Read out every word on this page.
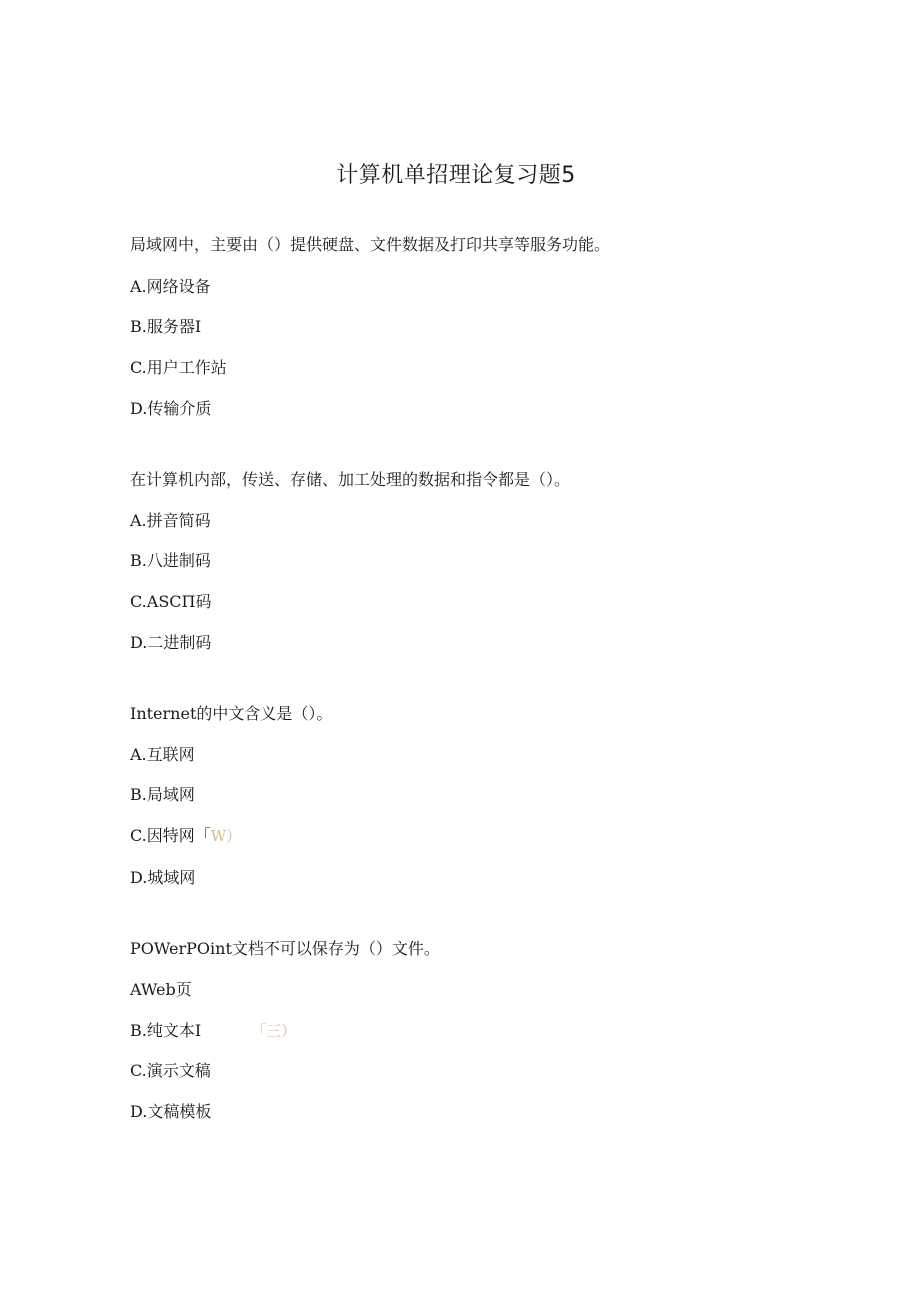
计算机单招理论复习题5
局域网中，主要由（）提供硬盘、文件数据及打印共享等服务功能。
A.网络设备
B.服务器I
C.用户工作站
D.传输介质
在计算机内部，传送、存储、加工处理的数据和指令都是（）。
A.拼音简码
B.八进制码
C.ASCΠ码
D.二进制码
Internet的中文含义是（）。
A.互联网
B.局域网
C.因特网「W）
D.城域网
POWerPOint文档不可以保存为（）文件。
AWeb页
B.纯文本I	「三）
C.演示文稿
D.文稿模板
